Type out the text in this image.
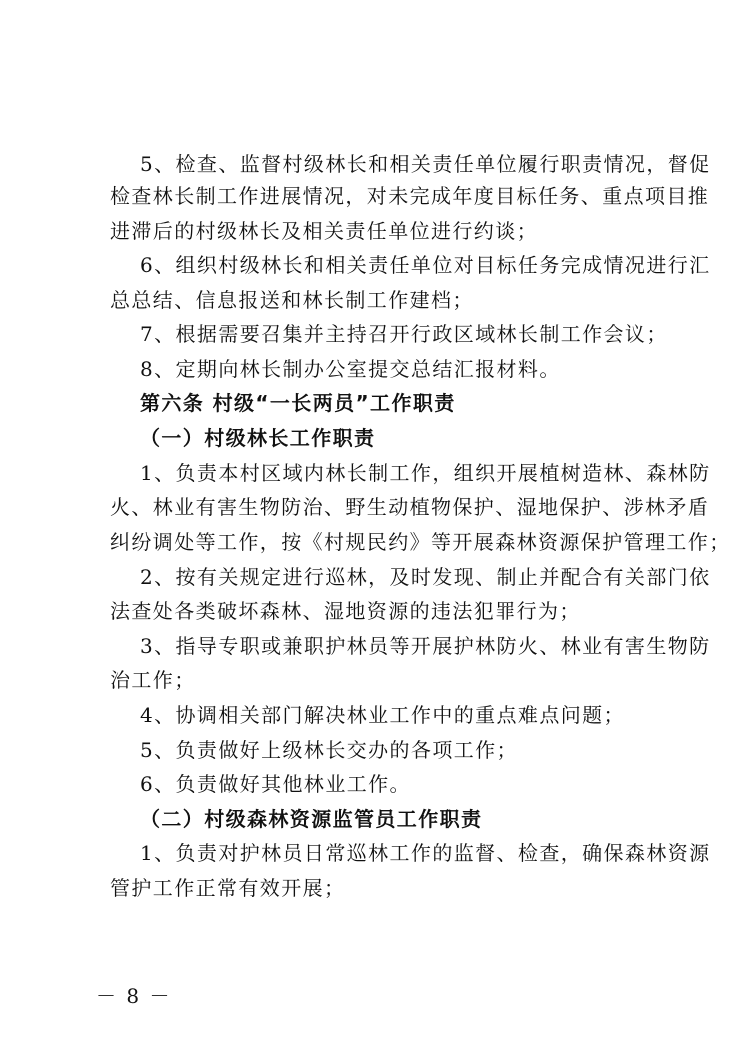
5、检查、监督村级林长和相关责任单位履行职责情况，督促
检查林长制工作进展情况，对未完成年度目标任务、重点项目推
进滞后的村级林长及相关责任单位进行约谈；
6、组织村级林长和相关责任单位对目标任务完成情况进行汇
总总结、信息报送和林长制工作建档；
7、根据需要召集并主持召开行政区域林长制工作会议；
8、定期向林长制办公室提交总结汇报材料。
第六条 村级“一长两员”工作职责
（一）村级林长工作职责
1、负责本村区域内林长制工作，组织开展植树造林、森林防
火、林业有害生物防治、野生动植物保护、湿地保护、涉林矛盾
纠纷调处等工作，按《村规民约》等开展森林资源保护管理工作；
2、按有关规定进行巡林，及时发现、制止并配合有关部门依
法查处各类破坏森林、湿地资源的违法犯罪行为；
3、指导专职或兼职护林员等开展护林防火、林业有害生物防
治工作；
4、协调相关部门解决林业工作中的重点难点问题；
5、负责做好上级林长交办的各项工作；
6、负责做好其他林业工作。
（二）村级森林资源监管员工作职责
1、负责对护林员日常巡林工作的监督、检查，确保森林资源
管护工作正常有效开展；
－ 8 －
